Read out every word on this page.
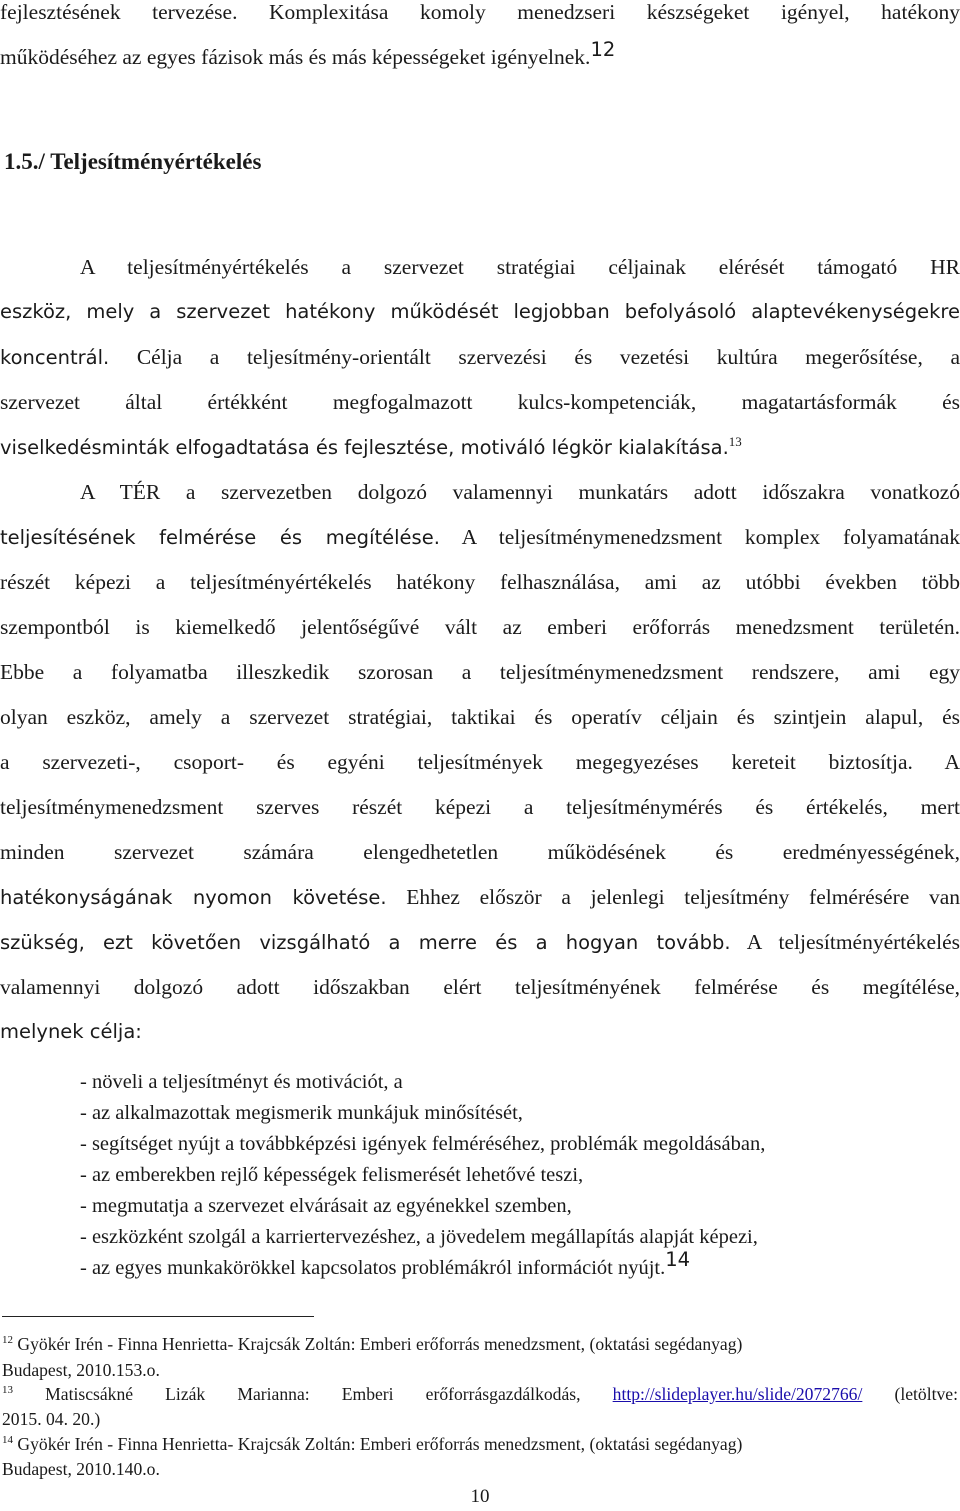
fejlesztésének tervezése. Komplexitása komoly menedzseri készségeket igényel, hatékony
működéséhez az egyes fázisok más és más képességeket igényelnek.$^{12}$
1.5./ Teljesítményértékelés
A teljesítményértékelés a szervezet stratégiai céljainak elérését támogató HR
eszköz, mely a szervezet hatékony működését legjobban befolyásoló alaptevékenységekre
koncentrál. Célja a teljesítmény-orientált szervezési és vezetési kultúra megerősítése, a
szervezet által értékként megfogalmazott kulcs-kompetenciák, magatartásformák és
viselkedésminták elfogadtatása és fejlesztése, motiváló légkör kialakítása.$^{13}$
A TÉR a szervezetben dolgozó valamennyi munkatárs adott időszakra vonatkozó
teljesítésének felmérése és megítélése. A teljesítménymenedzsment komplex folyamatának
részét képezi a teljesítményértékelés hatékony felhasználása, ami az utóbbi években több
szempontból is kiemelkedő jelentőségűvé vált az emberi erőforrás menedzsment területén.
Ebbe a folyamatba illeszkedik szorosan a teljesítménymenedzsment rendszere, ami egy
olyan eszköz, amely a szervezet stratégiai, taktikai és operatív céljain és szintjein alapul, és
a szervezeti-, csoport- és egyéni teljesítmények megegyezéses kereteit biztosítja. A
teljesítménymenedzsment szerves részét képezi a teljesítménymérés és értékelés, mert
minden szervezet számára elengedhetetlen működésének és eredményességének,
hatékonyságának nyomon követése. Ehhez először a jelenlegi teljesítmény felmérésére van
szükség, ezt követően vizsgálható a merre és a hogyan tovább. A teljesítményértékelés
valamennyi dolgozó adott időszakban elért teljesítményének felmérése és megítélése,
melynek célja:
- növeli a teljesítményt és motivációt, a
- az alkalmazottak megismerik munkájuk minősítését,
- segítséget nyújt a továbbképzési igények felméréséhez, problémák megoldásában,
- az emberekben rejlő képességek felismerését lehetővé teszi,
- megmutatja a szervezet elvárásait az egyénekkel szemben,
- eszközként szolgál a karriertervezéshez, a jövedelem megállapítás alapját képezi,
- az egyes munkakörökkel kapcsolatos problémákról információt nyújt.$^{14}$
$^{12}$ Gyökér Irén - Finna Henrietta- Krajcsák Zoltán: Emberi erőforrás menedzsment, (oktatási segédanyag)
Budapest, 2010.153.o.
$^{13}$ Matiscsákné Lizák Marianna: Emberi erőforrásgazdálkodás, http://slideplayer.hu/slide/2072766/ (letöltve:
2015. 04. 20.)
$^{14}$ Gyökér Irén - Finna Henrietta- Krajcsák Zoltán: Emberi erőforrás menedzsment, (oktatási segédanyag)
Budapest, 2010.140.o.
10
